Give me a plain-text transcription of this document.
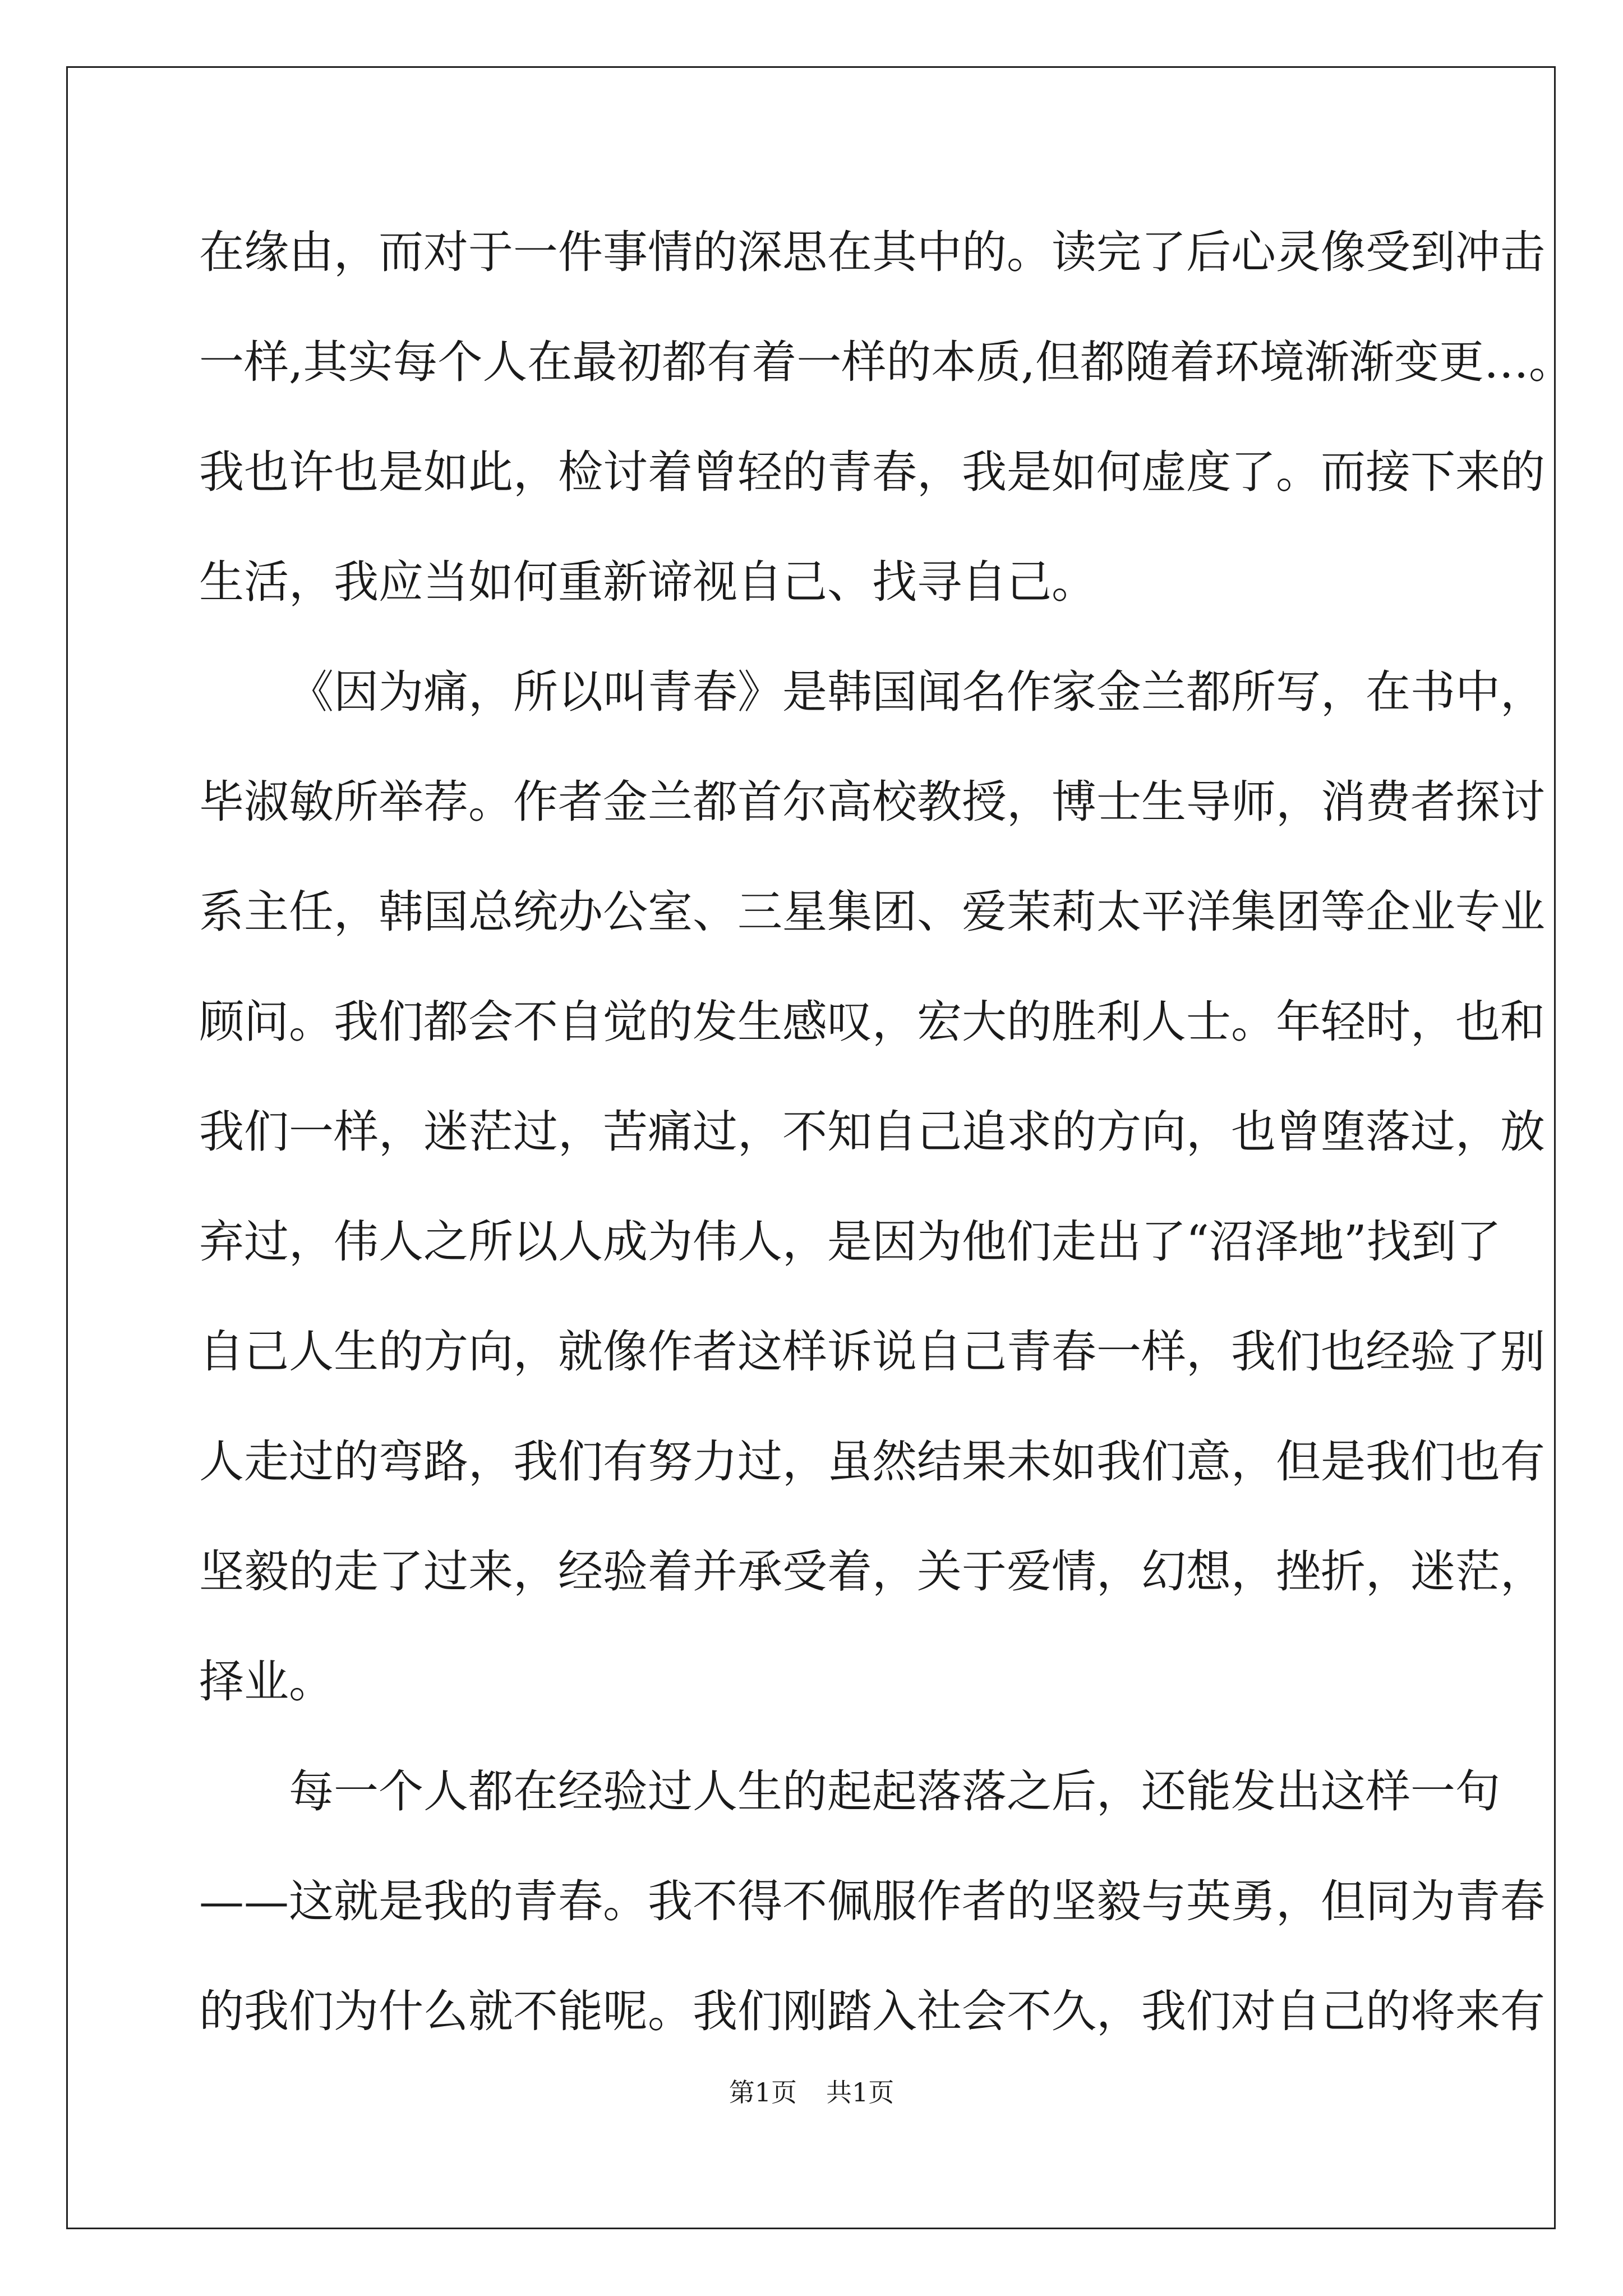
在缘由，而对于一件事情的深思在其中的。读完了后心灵像受到冲击
一样,其实每个人在最初都有着一样的本质,但都随着环境渐渐变更…。
我也许也是如此，检讨着曾轻的青春，我是如何虚度了。而接下来的
生活，我应当如何重新谛视自己、找寻自己。
《因为痛，所以叫青春》是韩国闻名作家金兰都所写，在书中，
毕淑敏所举荐。作者金兰都首尔高校教授，博士生导师，消费者探讨
系主任，韩国总统办公室、三星集团、爱茉莉太平洋集团等企业专业
顾问。我们都会不自觉的发生感叹，宏大的胜利人士。年轻时，也和
我们一样，迷茫过，苦痛过，不知自己追求的方向，也曾堕落过，放
弃过，伟人之所以人成为伟人，是因为他们走出了“沼泽地”找到了
自己人生的方向，就像作者这样诉说自己青春一样，我们也经验了别
人走过的弯路，我们有努力过，虽然结果未如我们意，但是我们也有
坚毅的走了过来，经验着并承受着，关于爱情，幻想，挫折，迷茫，
择业。
每一个人都在经验过人生的起起落落之后，还能发出这样一句
——这就是我的青春。我不得不佩服作者的坚毅与英勇，但同为青春
的我们为什么就不能呢。我们刚踏入社会不久，我们对自己的将来有
第1页 共1页
